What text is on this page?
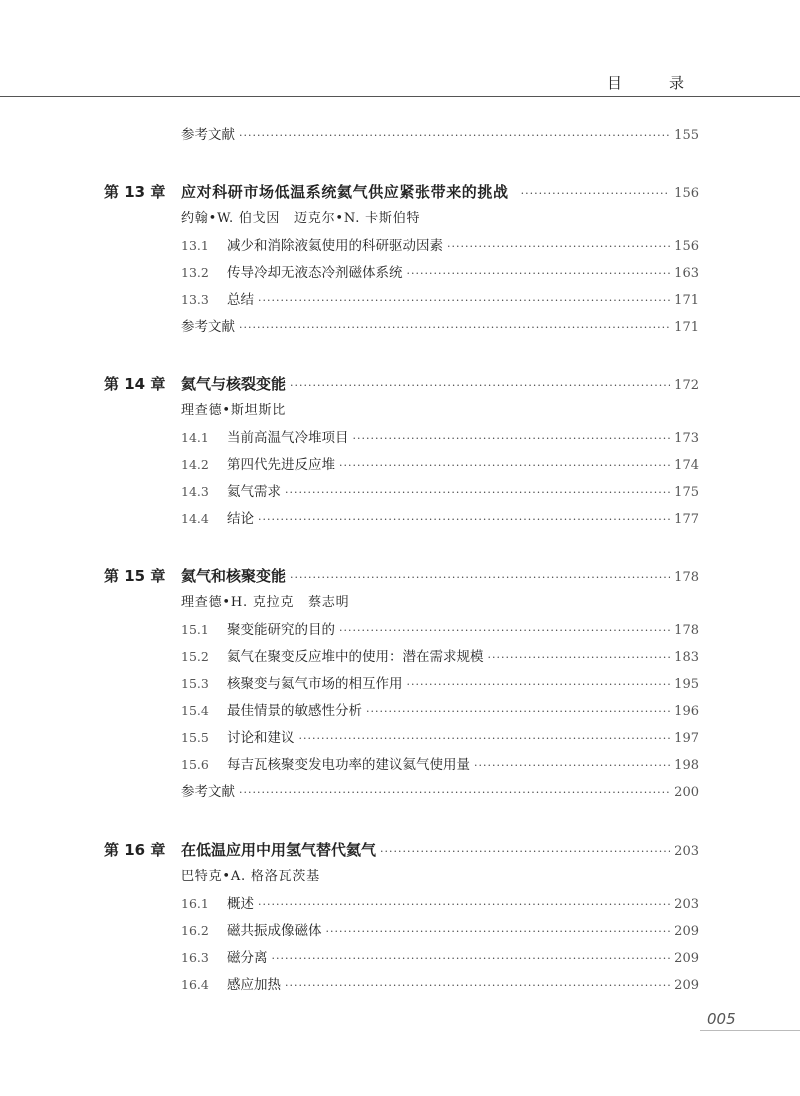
目　录
参考文献 ·····	155
第 13 章	应对科研市场低温系统氦气供应紧张带来的挑战 ·····	156
约翰•W. 伯戈因　迈克尔•N. 卡斯伯特
13.1	减少和消除液氦使用的科研驱动因素 ·····	156
13.2	传导冷却无液态冷剂磁体系统 ·····	163
13.3	总结 ·····	171
参考文献 ·····	171
第 14 章	氦气与核裂变能 ·····	172
理查德•斯坦斯比
14.1	当前高温气冷堆项目 ·····	173
14.2	第四代先进反应堆 ·····	174
14.3	氦气需求 ·····	175
14.4	结论 ·····	177
第 15 章	氦气和核聚变能 ·····	178
理查德•H. 克拉克　蔡志明
15.1	聚变能研究的目的 ·····	178
15.2	氦气在聚变反应堆中的使用：潜在需求规模 ·····	183
15.3	核聚变与氦气市场的相互作用 ·····	195
15.4	最佳情景的敏感性分析 ·····	196
15.5	讨论和建议 ·····	197
15.6	每吉瓦核聚变发电功率的建议氦气使用量 ·····	198
参考文献 ·····	200
第 16 章	在低温应用中用氢气替代氦气 ·····	203
巴特克•A. 格洛瓦茨基
16.1	概述 ·····	203
16.2	磁共振成像磁体 ·····	209
16.3	磁分离 ·····	209
16.4	感应加热 ·····	209
005
